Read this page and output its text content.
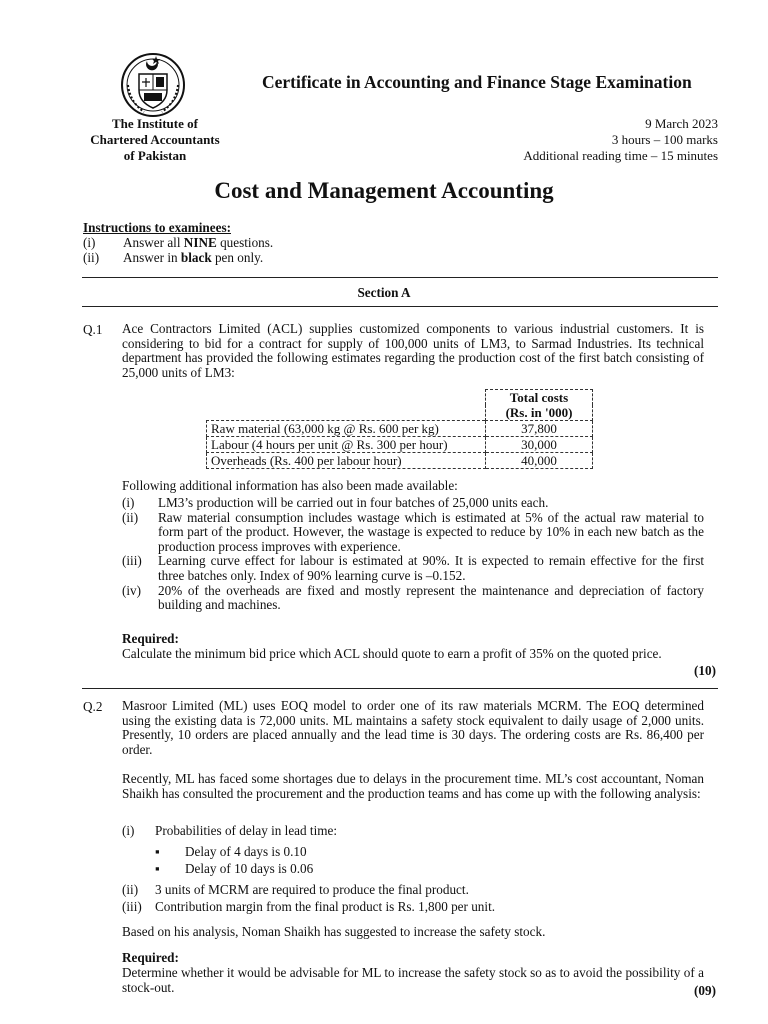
Certificate in Accounting and Finance Stage Examination
The Institute of
Chartered Accountants
of Pakistan
9 March 2023
3 hours – 100 marks
Additional reading time – 15 minutes
Cost and Management Accounting
Instructions to examinees:
(i)	Answer all NINE questions.
(ii)	Answer in black pen only.
Section A
Q.1 Ace Contractors Limited (ACL) supplies customized components to various industrial customers. It is considering to bid for a contract for supply of 100,000 units of LM3, to Sarmad Industries. Its technical department has provided the following estimates regarding the production cost of the first batch consisting of 25,000 units of LM3:
	Total costs
	(Rs. in '000)
Raw material (63,000 kg @ Rs. 600 per kg)	37,800
Labour (4 hours per unit @ Rs. 300 per hour)	30,000
Overheads (Rs. 400 per labour hour)	40,000
Following additional information has also been made available:
(i)	LM3’s production will be carried out in four batches of 25,000 units each.
(ii)	Raw material consumption includes wastage which is estimated at 5% of the actual raw material to form part of the product. However, the wastage is expected to reduce by 10% in each new batch as the production process improves with experience.
(iii)	Learning curve effect for labour is estimated at 90%. It is expected to remain effective for the first three batches only. Index of 90% learning curve is –0.152.
(iv)	20% of the overheads are fixed and mostly represent the maintenance and depreciation of factory building and machines.
Required:
Calculate the minimum bid price which ACL should quote to earn a profit of 35% on the quoted price.
(10)
Q.2 Masroor Limited (ML) uses EOQ model to order one of its raw materials MCRM. The EOQ determined using the existing data is 72,000 units. ML maintains a safety stock equivalent to daily usage of 2,000 units. Presently, 10 orders are placed annually and the lead time is 30 days. The ordering costs are Rs. 86,400 per order.
Recently, ML has faced some shortages due to delays in the procurement time. ML’s cost accountant, Noman Shaikh has consulted the procurement and the production teams and has come up with the following analysis:
(i)	Probabilities of delay in lead time:
▪	Delay of 4 days is 0.10
▪	Delay of 10 days is 0.06
(ii)	3 units of MCRM are required to produce the final product.
(iii)	Contribution margin from the final product is Rs. 1,800 per unit.
Based on his analysis, Noman Shaikh has suggested to increase the safety stock.
Required:
Determine whether it would be advisable for ML to increase the safety stock so as to avoid the possibility of a stock-out.	(09)
